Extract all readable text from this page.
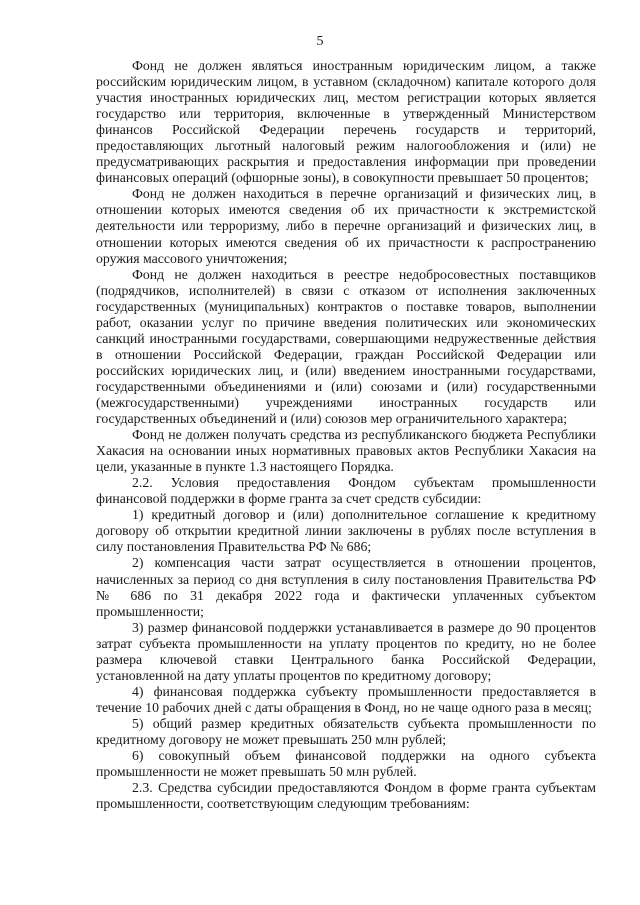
5

Фонд не должен являться иностранным юридическим лицом, а также российским юридическим лицом, в уставном (складочном) капитале которого доля участия иностранных юридических лиц, местом регистрации которых является государство или территория, включенные в утвержденный Министерством финансов Российской Федерации перечень государств и территорий, предоставляющих льготный налоговый режим налогообложения и (или) не предусматривающих раскрытия и предоставления информации при проведении финансовых операций (офшорные зоны), в совокупности превышает 50 процентов;

Фонд не должен находиться в перечне организаций и физических лиц, в отношении которых имеются сведения об их причастности к экстремистской деятельности или терроризму, либо в перечне организаций и физических лиц, в отношении которых имеются сведения об их причастности к распространению оружия массового уничтожения;

Фонд не должен находиться в реестре недобросовестных поставщиков (подрядчиков, исполнителей) в связи с отказом от исполнения заключенных государственных (муниципальных) контрактов о поставке товаров, выполнении работ, оказании услуг по причине введения политических или экономических санкций иностранными государствами, совершающими недружественные действия в отношении Российской Федерации, граждан Российской Федерации или российских юридических лиц, и (или) введением иностранными государствами, государственными объединениями и (или) союзами и (или) государственными (межгосударственными) учреждениями иностранных государств или государственных объединений и (или) союзов мер ограничительного характера;

Фонд не должен получать средства из республиканского бюджета Республики Хакасия на основании иных нормативных правовых актов Республики Хакасия на цели, указанные в пункте 1.3 настоящего Порядка.

2.2. Условия предоставления Фондом субъектам промышленности финансовой поддержки в форме гранта за счет средств субсидии:

1) кредитный договор и (или) дополнительное соглашение к кредитному договору об открытии кредитной линии заключены в рублях после вступления в силу постановления Правительства РФ № 686;

2) компенсация части затрат осуществляется в отношении процентов, начисленных за период со дня вступления в силу постановления Правительства РФ № 686 по 31 декабря 2022 года и фактически уплаченных субъектом промышленности;

3) размер финансовой поддержки устанавливается в размере до 90 процентов затрат субъекта промышленности на уплату процентов по кредиту, но не более размера ключевой ставки Центрального банка Российской Федерации, установленной на дату уплаты процентов по кредитному договору;

4) финансовая поддержка субъекту промышленности предоставляется в течение 10 рабочих дней с даты обращения в Фонд, но не чаще одного раза в месяц;

5) общий размер кредитных обязательств субъекта промышленности по кредитному договору не может превышать 250 млн рублей;

6) совокупный объем финансовой поддержки на одного субъекта промышленности не может превышать 50 млн рублей.

2.3. Средства субсидии предоставляются Фондом в форме гранта субъектам промышленности, соответствующим следующим требованиям:
